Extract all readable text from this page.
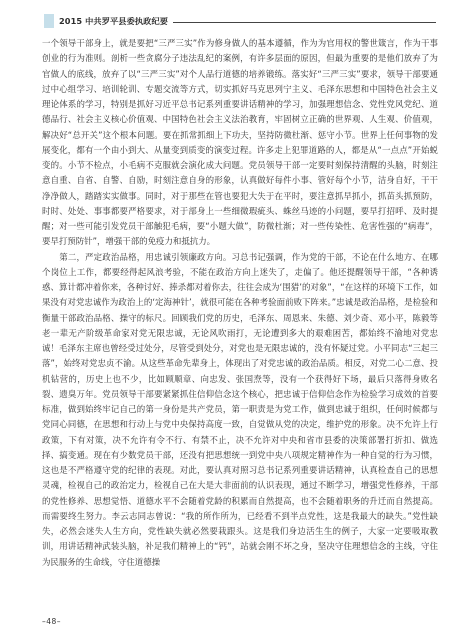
2015 中共罗平县委执政纪要
一个领导干部身上，就是要把“三严三实”作为修身做人的基本遵循，作为为官用权的警世箴言，作为干事创业的行为准则。剖析一些贪腐分子违法乱纪的案例，有许多层面的原因，但最为重要的是他们放弃了为官做人的底线，放弃了以“三严三实”对个人品行道德的培养锻练。落实好“三严三实”要求，领导干部要通过中心组学习、培训轮训、专题交流等方式，切实抓好马克思列宁主义、毛泽东思想和中国特色社会主义理论体系的学习，特别是抓好习近平总书记系列重要讲话精神的学习，加强理想信念、党性党风党纪、道德品行、社会主义核心价值观、中国特色社会主义法治教育，牢固树立正确的世界观、人生观、价值观，解决好“总开关”这个根本问题。要在抓常抓细上下功夫，坚持防微杜渐、惩守小节。世界上任何事物的发展变化，都有一个由小到大、从量变到质变的演变过程。许多走上犯罪道路的人，都是从“一点点”开始蜕变的。小节不检点，小毛病不克服就会演化成大问题。党员领导干部一定要时刻保持清醒的头脑，时刻注意自重、自省、自警、自励，时刻注意自身的形象，认真做好每件小事、管好每个小节，洁身自好，干干净净做人，踏踏实实做事。同时，对于那些在管也要犯大失于在平时，要注意抓早抓小，抓苗头抓预防，时时、处处、事事都要严格要求，对于部身上一些细微瑕疵头、蛛丝马迹的小问题，要早打招呼、及时提醒；对一些可能引发党员干部触犯毛病，要“小题大做”，防微杜渐；对一些传染性、危害性强的“病毒”，要早打预防针”，增强干部的免疫力和抵抗力。
　　第二，严定政治品格，用忠诚引领廉政方向。习总书记强调，作为党的干部，不论在什么地方、在哪个岗位上工作，都要经得起风浪考验，不能在政治方向上迷失了，走偏了。他还提醒领导干部，“各种诱惑、算计都冲着你来，各种讨好、捧杀都对着你去，往往会成为‘围猎’的对象”，“在这样的环境下工作，如果没有对党忠诚作为政治上的‘定海神针’，就很可能在各种考验面前败下阵来。”忠诚是政治品格，是检验和衡量干部政治品格、操守的标尺。回顾我们党的历史，毛泽东、周恩来、朱德、刘少奇、邓小平，陈毅等老一辈无产阶级革命家对党无限忠诚，无论风吹雨打，无论遭到多大的艰难困苦，都始终不渝地对党忠诚！毛泽东主席也曾经受过处分，尽管受到处分，对党也是无限忠诚的，没有怀疑过党。小平同志“三起三落”，始终对党忠贞不渝。从这些革命先辈身上，体现出了对党忠诚的政治品质。相反，对党二心二意、投机钻营的，历史上也不少，比如顾顺章、向忠发、张国焘等，没有一个获得好下场，最后只落得身败名裂、遗臭万年。党员领导干部要紧紧抓住信仰信念这个核心，把忠诚于信仰信念作为检验学习成效的首要标准，做到始终牢记自己的第一身份是共产党员，第一职责是为党工作，做到忠诚于组织，任何时候都与党同心同德，在思想和行动上与党中央保持高度一致，自觉做从党的决定，维护党的形象。决不允许上行政策，下有对策，决不允许有令不行、有禁不止，决不允许对中央和省市县委的决策部署打折扣、做选择、搞变通。现在有少数党员干部，还没有把思想统一到党中央八项规定精神作为一种自觉的行为习惯，这也是不严格遵守党的纪律的表现。对此，要认真对照习总书记系列重要讲话精神，认真检查自己的思想灵魂，检视自己的政治定力，检视自己在大是大非面前的认识表现，通过不断学习，增强党性修养，干部的党性修养、思想觉悟、道德水平不会随着党龄的积累而自然提高，也不会随着职务的升迁而自然提高。而需要终生努力。李云志同志曾说：“我的所作所为，已经看不到半点党性，这是我最大的缺失。”党性缺失，必然会迷失人生方向，党性缺失就必然要栽跟头。这是我们身边活生生的例子，大家一定要吸取教训，用讲话精神武装头脑，补足我们精神上的“钙”，站就会刚不坏之身，坚决守住理想信念的主线，守住为民服务的生命线，守住道德操
–48–
